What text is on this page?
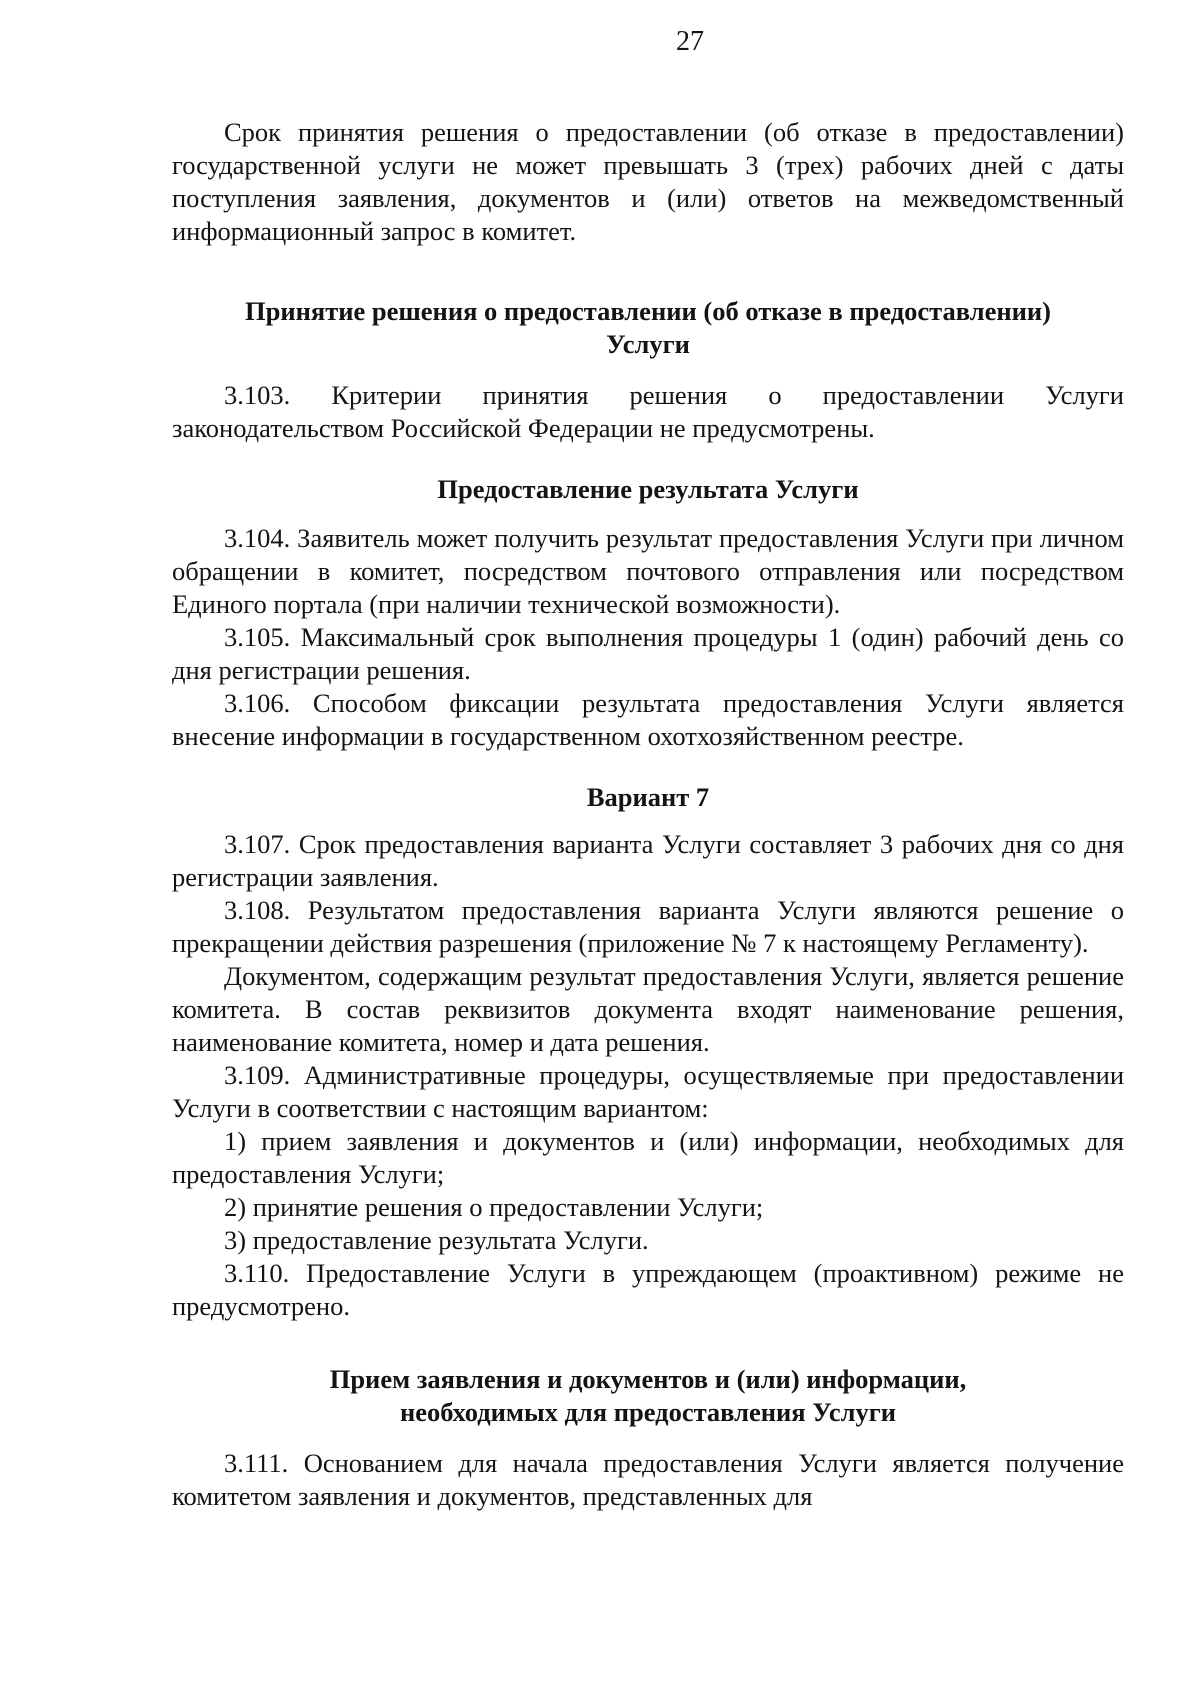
27

Срок принятия решения о предоставлении (об отказе в предоставлении) государственной услуги не может превышать 3 (трех) рабочих дней с даты поступления заявления, документов и (или) ответов на межведомственный информационный запрос в комитет.

Принятие решения о предоставлении (об отказе в предоставлении)
Услуги

3.103. Критерии принятия решения о предоставлении Услуги законодательством Российской Федерации не предусмотрены.

Предоставление результата Услуги

3.104. Заявитель может получить результат предоставления Услуги при личном обращении в комитет, посредством почтового отправления или посредством Единого портала (при наличии технической возможности).

3.105. Максимальный срок выполнения процедуры 1 (один) рабочий день со дня регистрации решения.

3.106. Способом фиксации результата предоставления Услуги является внесение информации в государственном охотхозяйственном реестре.

Вариант 7

3.107. Срок предоставления варианта Услуги составляет 3 рабочих дня со дня регистрации заявления.

3.108. Результатом предоставления варианта Услуги являются решение о прекращении действия разрешения (приложение № 7 к настоящему Регламенту).

Документом, содержащим результат предоставления Услуги, является решение комитета. В состав реквизитов документа входят наименование решения, наименование комитета, номер и дата решения.

3.109. Административные процедуры, осуществляемые при предоставлении Услуги в соответствии с настоящим вариантом:

1) прием заявления и документов и (или) информации, необходимых для предоставления Услуги;

2) принятие решения о предоставлении Услуги;

3) предоставление результата Услуги.

3.110. Предоставление Услуги в упреждающем (проактивном) режиме не предусмотрено.

Прием заявления и документов и (или) информации,
необходимых для предоставления Услуги

3.111. Основанием для начала предоставления Услуги является получение комитетом заявления и документов, представленных для
